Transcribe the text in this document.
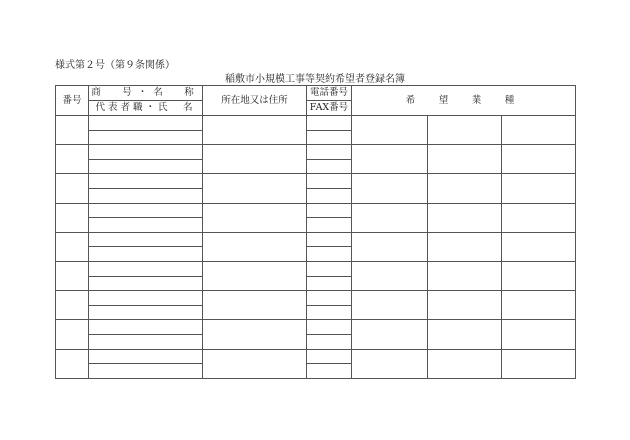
様式第２号（第９条関係）
稲敷市小規模工事等契約希望者登録名簿
番号	商　号・名　称	所在地又は住所	電話番号	希　望　業　種		
	代表者職・氏　名		FAX番号			
